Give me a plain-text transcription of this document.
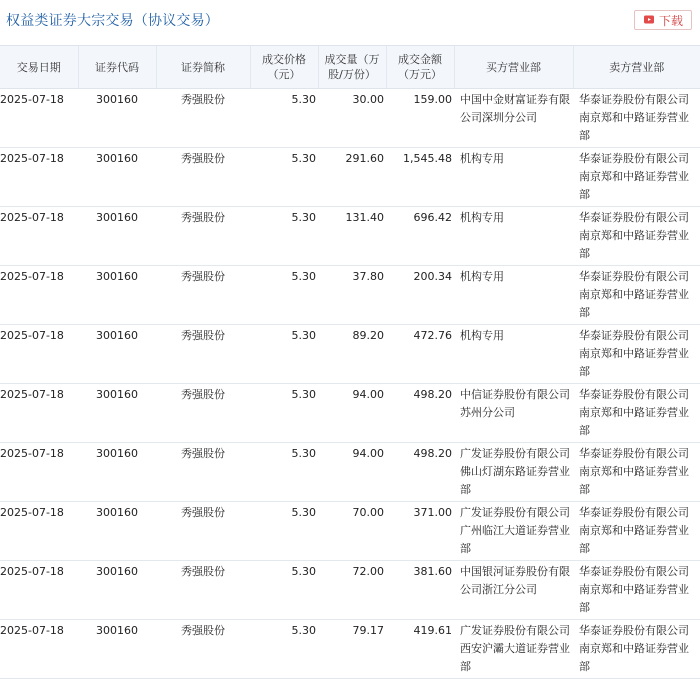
权益类证券大宗交易（协议交易）	下载
交易日期	证券代码	证券简称	成交价格（元）	成交量（万股/万份）	成交金额（万元）	买方营业部	卖方营业部
2025-07-18	300160	秀强股份	5.30	30.00	159.00	中国中金财富证券有限公司深圳分公司	华泰证券股份有限公司南京郑和中路证券营业部
2025-07-18	300160	秀强股份	5.30	291.60	1,545.48	机构专用	华泰证券股份有限公司南京郑和中路证券营业部
2025-07-18	300160	秀强股份	5.30	131.40	696.42	机构专用	华泰证券股份有限公司南京郑和中路证券营业部
2025-07-18	300160	秀强股份	5.30	37.80	200.34	机构专用	华泰证券股份有限公司南京郑和中路证券营业部
2025-07-18	300160	秀强股份	5.30	89.20	472.76	机构专用	华泰证券股份有限公司南京郑和中路证券营业部
2025-07-18	300160	秀强股份	5.30	94.00	498.20	中信证券股份有限公司苏州分公司	华泰证券股份有限公司南京郑和中路证券营业部
2025-07-18	300160	秀强股份	5.30	94.00	498.20	广发证券股份有限公司佛山灯湖东路证券营业部	华泰证券股份有限公司南京郑和中路证券营业部
2025-07-18	300160	秀强股份	5.30	70.00	371.00	广发证券股份有限公司广州临江大道证券营业部	华泰证券股份有限公司南京郑和中路证券营业部
2025-07-18	300160	秀强股份	5.30	72.00	381.60	中国银河证券股份有限公司浙江分公司	华泰证券股份有限公司南京郑和中路证券营业部
2025-07-18	300160	秀强股份	5.30	79.17	419.61	广发证券股份有限公司西安沪灞大道证券营业部	华泰证券股份有限公司南京郑和中路证券营业部
